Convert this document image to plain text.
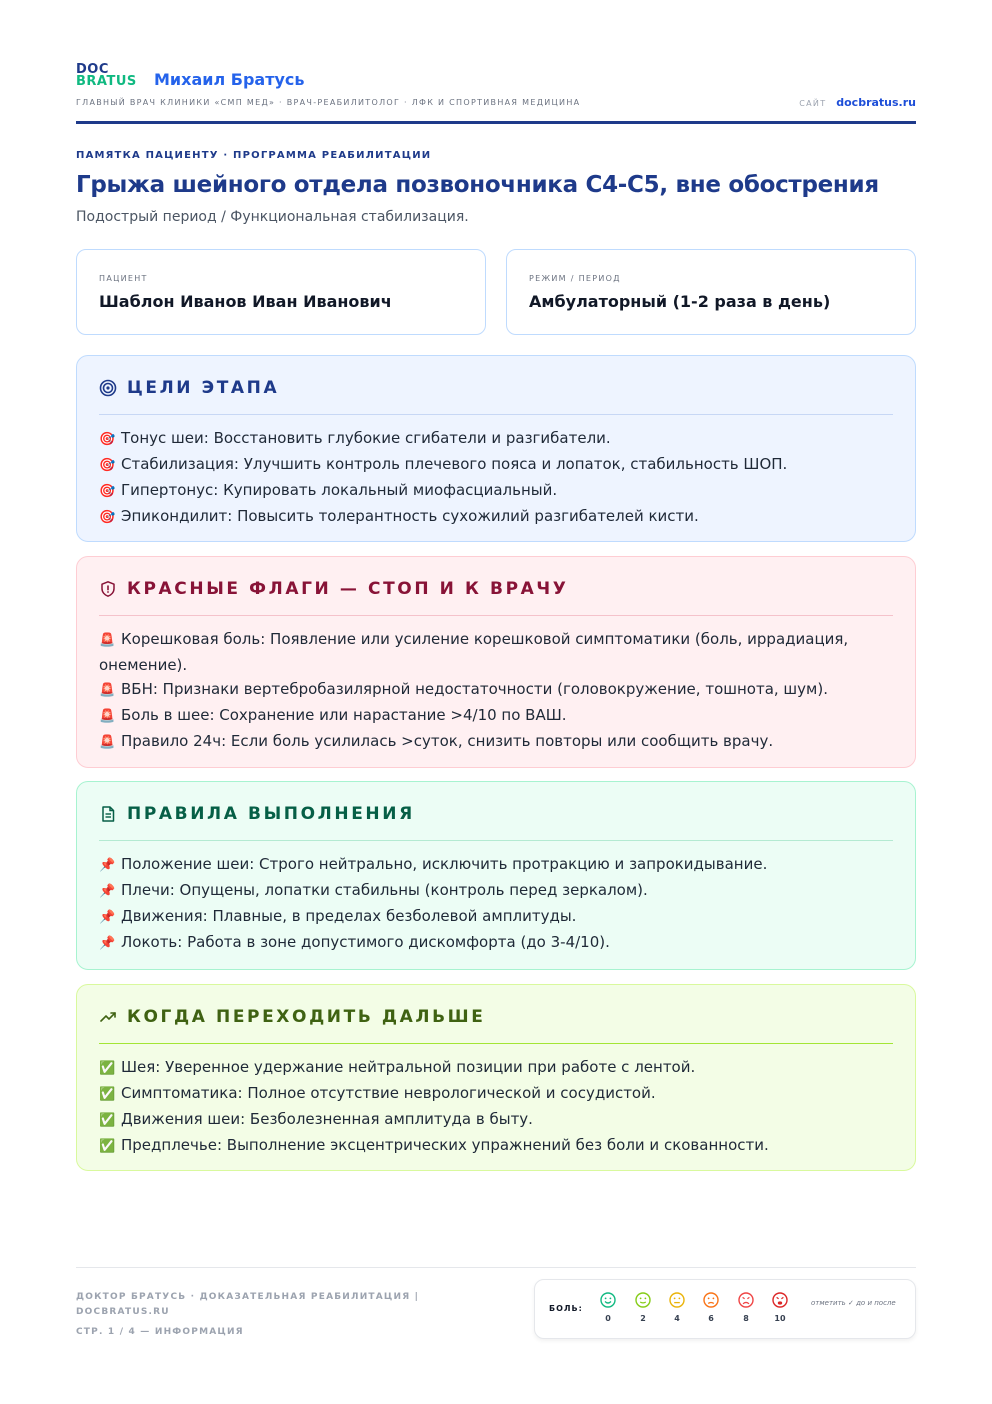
DOC
BRATUS	Михаил Братусь
ГЛАВНЫЙ ВРАЧ КЛИНИКИ «СМП МЕД» · ВРАЧ-РЕАБИЛИТОЛОГ · ЛФК И СПОРТИВНАЯ МЕДИЦИНА	САЙТ docbratus.ru
ПАМЯТКА ПАЦИЕНТУ · ПРОГРАММА РЕАБИЛИТАЦИИ
Грыжа шейного отдела позвоночника С4-С5, вне обострения
Подострый период / Функциональная стабилизация.
ПАЦИЕНТ
Шаблон Иванов Иван Иванович
РЕЖИМ / ПЕРИОД
Амбулаторный (1-2 раза в день)
ЦЕЛИ ЭТАПА
🎯 Тонус шеи: Восстановить глубокие сгибатели и разгибатели.
🎯 Стабилизация: Улучшить контроль плечевого пояса и лопаток, стабильность ШОП.
🎯 Гипертонус: Купировать локальный миофасциальный.
🎯 Эпикондилит: Повысить толерантность сухожилий разгибателей кисти.
КРАСНЫЕ ФЛАГИ — СТОП И К ВРАЧУ
🚨 Корешковая боль: Появление или усиление корешковой симптоматики (боль, иррадиация, онемение).
🚨 ВБН: Признаки вертебробазилярной недостаточности (головокружение, тошнота, шум).
🚨 Боль в шее: Сохранение или нарастание >4/10 по ВАШ.
🚨 Правило 24ч: Если боль усилилась >суток, снизить повторы или сообщить врачу.
ПРАВИЛА ВЫПОЛНЕНИЯ
📌 Положение шеи: Строго нейтрально, исключить протракцию и запрокидывание.
📌 Плечи: Опущены, лопатки стабильны (контроль перед зеркалом).
📌 Движения: Плавные, в пределах безболевой амплитуды.
📌 Локоть: Работа в зоне допустимого дискомфорта (до 3-4/10).
КОГДА ПЕРЕХОДИТЬ ДАЛЬШЕ
✅ Шея: Уверенное удержание нейтральной позиции при работе с лентой.
✅ Симптоматика: Полное отсутствие неврологической и сосудистой.
✅ Движения шеи: Безболезненная амплитуда в быту.
✅ Предплечье: Выполнение эксцентрических упражнений без боли и скованности.
ДОКТОР БРАТУСЬ · ДОКАЗАТЕЛЬНАЯ РЕАБИЛИТАЦИЯ |
DOCBRATUS.RU
СТР. 1 / 4 — ИНФОРМАЦИЯ
БОЛЬ:
0	2	4	6	8	10
отметить ✓ до и после
